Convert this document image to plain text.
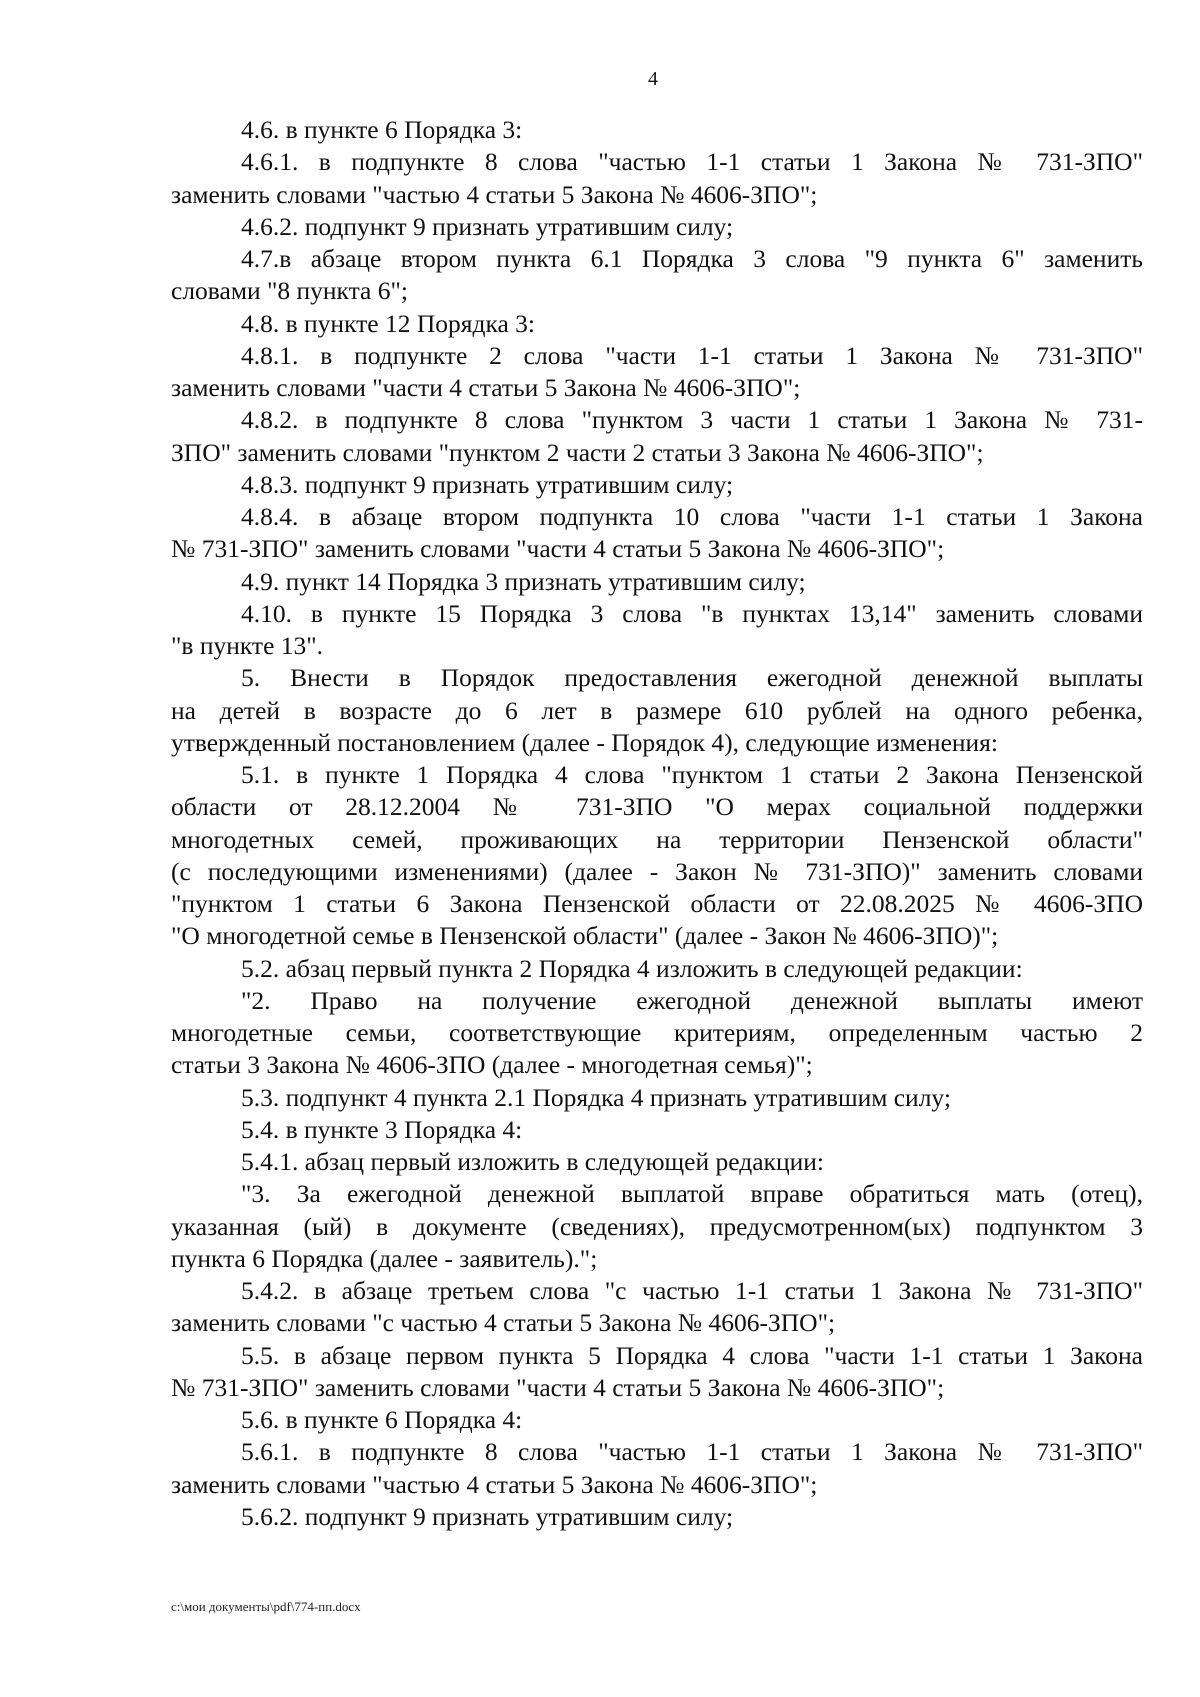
4
4.6. в пункте 6 Порядка 3:
4.6.1. в подпункте 8 слова "частью 1-1 статьи 1 Закона № 731-ЗПО"
заменить словами "частью 4 статьи 5 Закона № 4606-ЗПО";
4.6.2. подпункт 9 признать утратившим силу;
4.7.в абзаце втором пункта 6.1 Порядка 3 слова "9 пункта 6" заменить
словами "8 пункта 6";
4.8. в пункте 12 Порядка 3:
4.8.1. в подпункте 2 слова "части 1-1 статьи 1 Закона № 731-ЗПО"
заменить словами "части 4 статьи 5 Закона № 4606-ЗПО";
4.8.2. в подпункте 8 слова "пунктом 3 части 1 статьи 1 Закона № 731-
ЗПО" заменить словами "пунктом 2 части 2 статьи 3 Закона № 4606-ЗПО";
4.8.3. подпункт 9 признать утратившим силу;
4.8.4. в абзаце втором подпункта 10 слова "части 1-1 статьи 1 Закона
№ 731-ЗПО" заменить словами "части 4 статьи 5 Закона № 4606-ЗПО";
4.9. пункт 14 Порядка 3 признать утратившим силу;
4.10. в пункте 15 Порядка 3 слова "в пунктах 13,14" заменить словами
"в пункте 13".
5. Внести в Порядок предоставления ежегодной денежной выплаты
на детей в возрасте до 6 лет в размере 610 рублей на одного ребенка,
утвержденный постановлением (далее - Порядок 4), следующие изменения:
5.1. в пункте 1 Порядка 4 слова "пунктом 1 статьи 2 Закона Пензенской
области от 28.12.2004 № 731-ЗПО "О мерах социальной поддержки
многодетных семей, проживающих на территории Пензенской области"
(с последующими изменениями) (далее - Закон № 731-ЗПО)" заменить словами
"пунктом 1 статьи 6 Закона Пензенской области от 22.08.2025 № 4606-ЗПО
"О многодетной семье в Пензенской области" (далее - Закон № 4606-ЗПО)";
5.2. абзац первый пункта 2 Порядка 4 изложить в следующей редакции:
"2. Право на получение ежегодной денежной выплаты имеют
многодетные семьи, соответствующие критериям, определенным частью 2
статьи 3 Закона № 4606-ЗПО (далее - многодетная семья)";
5.3. подпункт 4 пункта 2.1 Порядка 4 признать утратившим силу;
5.4. в пункте 3 Порядка 4:
5.4.1. абзац первый изложить в следующей редакции:
"3. За ежегодной денежной выплатой вправе обратиться мать (отец),
указанная (ый) в документе (сведениях), предусмотренном(ых) подпунктом 3
пункта 6 Порядка (далее - заявитель).";
5.4.2. в абзаце третьем слова "с частью 1-1 статьи 1 Закона № 731-ЗПО"
заменить словами "с частью 4 статьи 5 Закона № 4606-ЗПО";
5.5. в абзаце первом пункта 5 Порядка 4 слова "части 1-1 статьи 1 Закона
№ 731-ЗПО" заменить словами "части 4 статьи 5 Закона № 4606-ЗПО";
5.6. в пункте 6 Порядка 4:
5.6.1. в подпункте 8 слова "частью 1-1 статьи 1 Закона № 731-ЗПО"
заменить словами "частью 4 статьи 5 Закона № 4606-ЗПО";
5.6.2. подпункт 9 признать утратившим силу;
c:\мои документы\pdf\774-пп.docx
